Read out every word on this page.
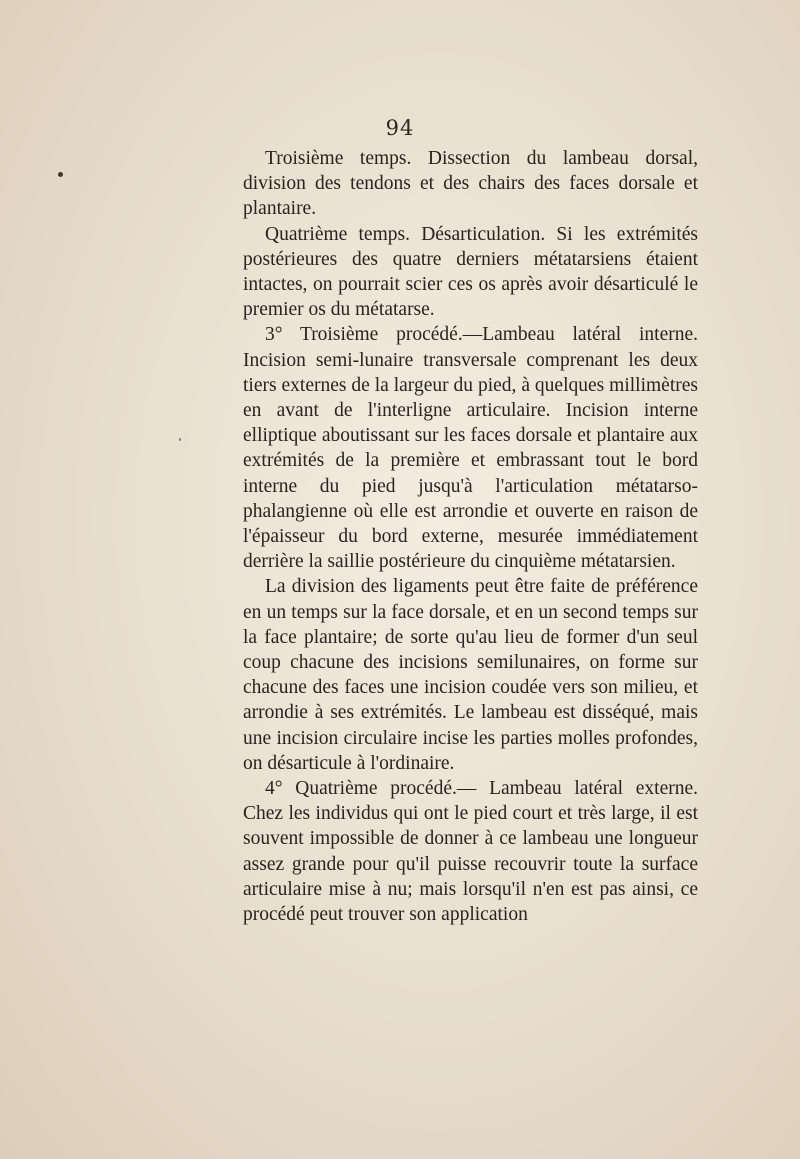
94

Troisième temps. Dissection du lambeau dorsal, division des tendons et des chairs des faces dorsale et plantaire.

Quatrième temps. Désarticulation. Si les extrémités postérieures des quatre derniers métatarsiens étaient intactes, on pourrait scier ces os après avoir désarticulé le premier os du métatarse.

3° Troisième procédé.—Lambeau latéral interne. Incision semi-lunaire transversale comprenant les deux tiers externes de la largeur du pied, à quelques millimètres en avant de l'interligne articulaire. Incision interne elliptique aboutissant sur les faces dorsale et plantaire aux extrémités de la première et embrassant tout le bord interne du pied jusqu'à l'articulation métatarso-phalangienne où elle est arrondie et ouverte en raison de l'épaisseur du bord externe, mesurée immédiatement derrière la saillie postérieure du cinquième métatarsien.

La division des ligaments peut être faite de préférence en un temps sur la face dorsale, et en un second temps sur la face plantaire; de sorte qu'au lieu de former d'un seul coup chacune des incisions semilunaires, on forme sur chacune des faces une incision coudée vers son milieu, et arrondie à ses extrémités. Le lambeau est disséqué, mais une incision circulaire incise les parties molles profondes, on désarticule à l'ordinaire.

4° Quatrième procédé.— Lambeau latéral externe. Chez les individus qui ont le pied court et très large, il est souvent impossible de donner à ce lambeau une longueur assez grande pour qu'il puisse recouvrir toute la surface articulaire mise à nu; mais lorsqu'il n'en est pas ainsi, ce procédé peut trouver son application
